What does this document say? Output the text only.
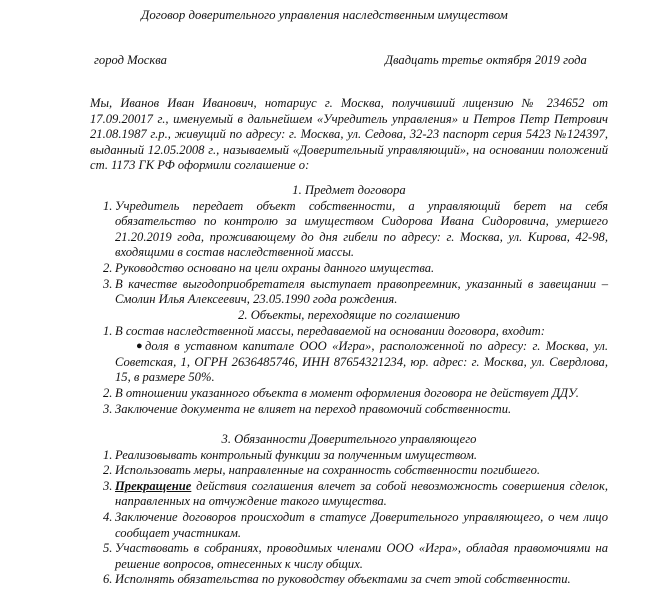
Договор доверительного управления наследственным имуществом
город Москва	Двадцать третье октября 2019 года

Мы, Иванов Иван Иванович, нотариус г. Москва, получивший лицензию № 234652 от 17.09.20017 г., именуемый в дальнейшем «Учредитель управления» и Петров Петр Петрович 21.08.1987 г.р., живущий по адресу: г. Москва, ул. Седова, 32-23 паспорт серия 5423 №124397, выданный 12.05.2008 г., называемый «Доверительный управляющий», на основании положений ст. 1173 ГК РФ оформили соглашение о:

1. Предмет договора
1. Учредитель передает объект собственности, а управляющий берет на себя обязательство по контролю за имуществом Сидорова Ивана Сидоровича, умершего 21.20.2019 года, проживающему до дня гибели по адресу: г. Москва, ул. Кирова, 42-98, входящими в состав наследственной массы.
2. Руководство основано на цели охраны данного имущества.
3. В качестве выгодоприобретателя выступает правопреемник, указанный в завещании – Смолин Илья Алексеевич, 23.05.1990 года рождения.
2. Объекты, переходящие по соглашению
1. В состав наследственной массы, передаваемой на основании договора, входит:
● доля в уставном капитале ООО «Игра», расположенной по адресу: г. Москва, ул. Советская, 1, ОГРН 2636485746, ИНН 87654321234, юр. адрес: г. Москва, ул. Свердлова, 15, в размере 50%.
2. В отношении указанного объекта в момент оформления договора не действует ДДУ.
3. Заключение документа не влияет на переход правомочий собственности.
3. Обязанности Доверительного управляющего
1. Реализовывать контрольный функции за полученным имуществом.
2. Использовать меры, направленные на сохранность собственности погибшего.
3. Прекращение действия соглашения влечет за собой невозможность совершения сделок, направленных на отчуждение такого имущества.
4. Заключение договоров происходит в статусе Доверительного управляющего, о чем лицо сообщает участникам.
5. Участвовать в собраниях, проводимых членами ООО «Игра», обладая правомочиями на решение вопросов, отнесенных к числу общих.
6. Исполнять обязательства по руководству объектами за счет этой собственности.
